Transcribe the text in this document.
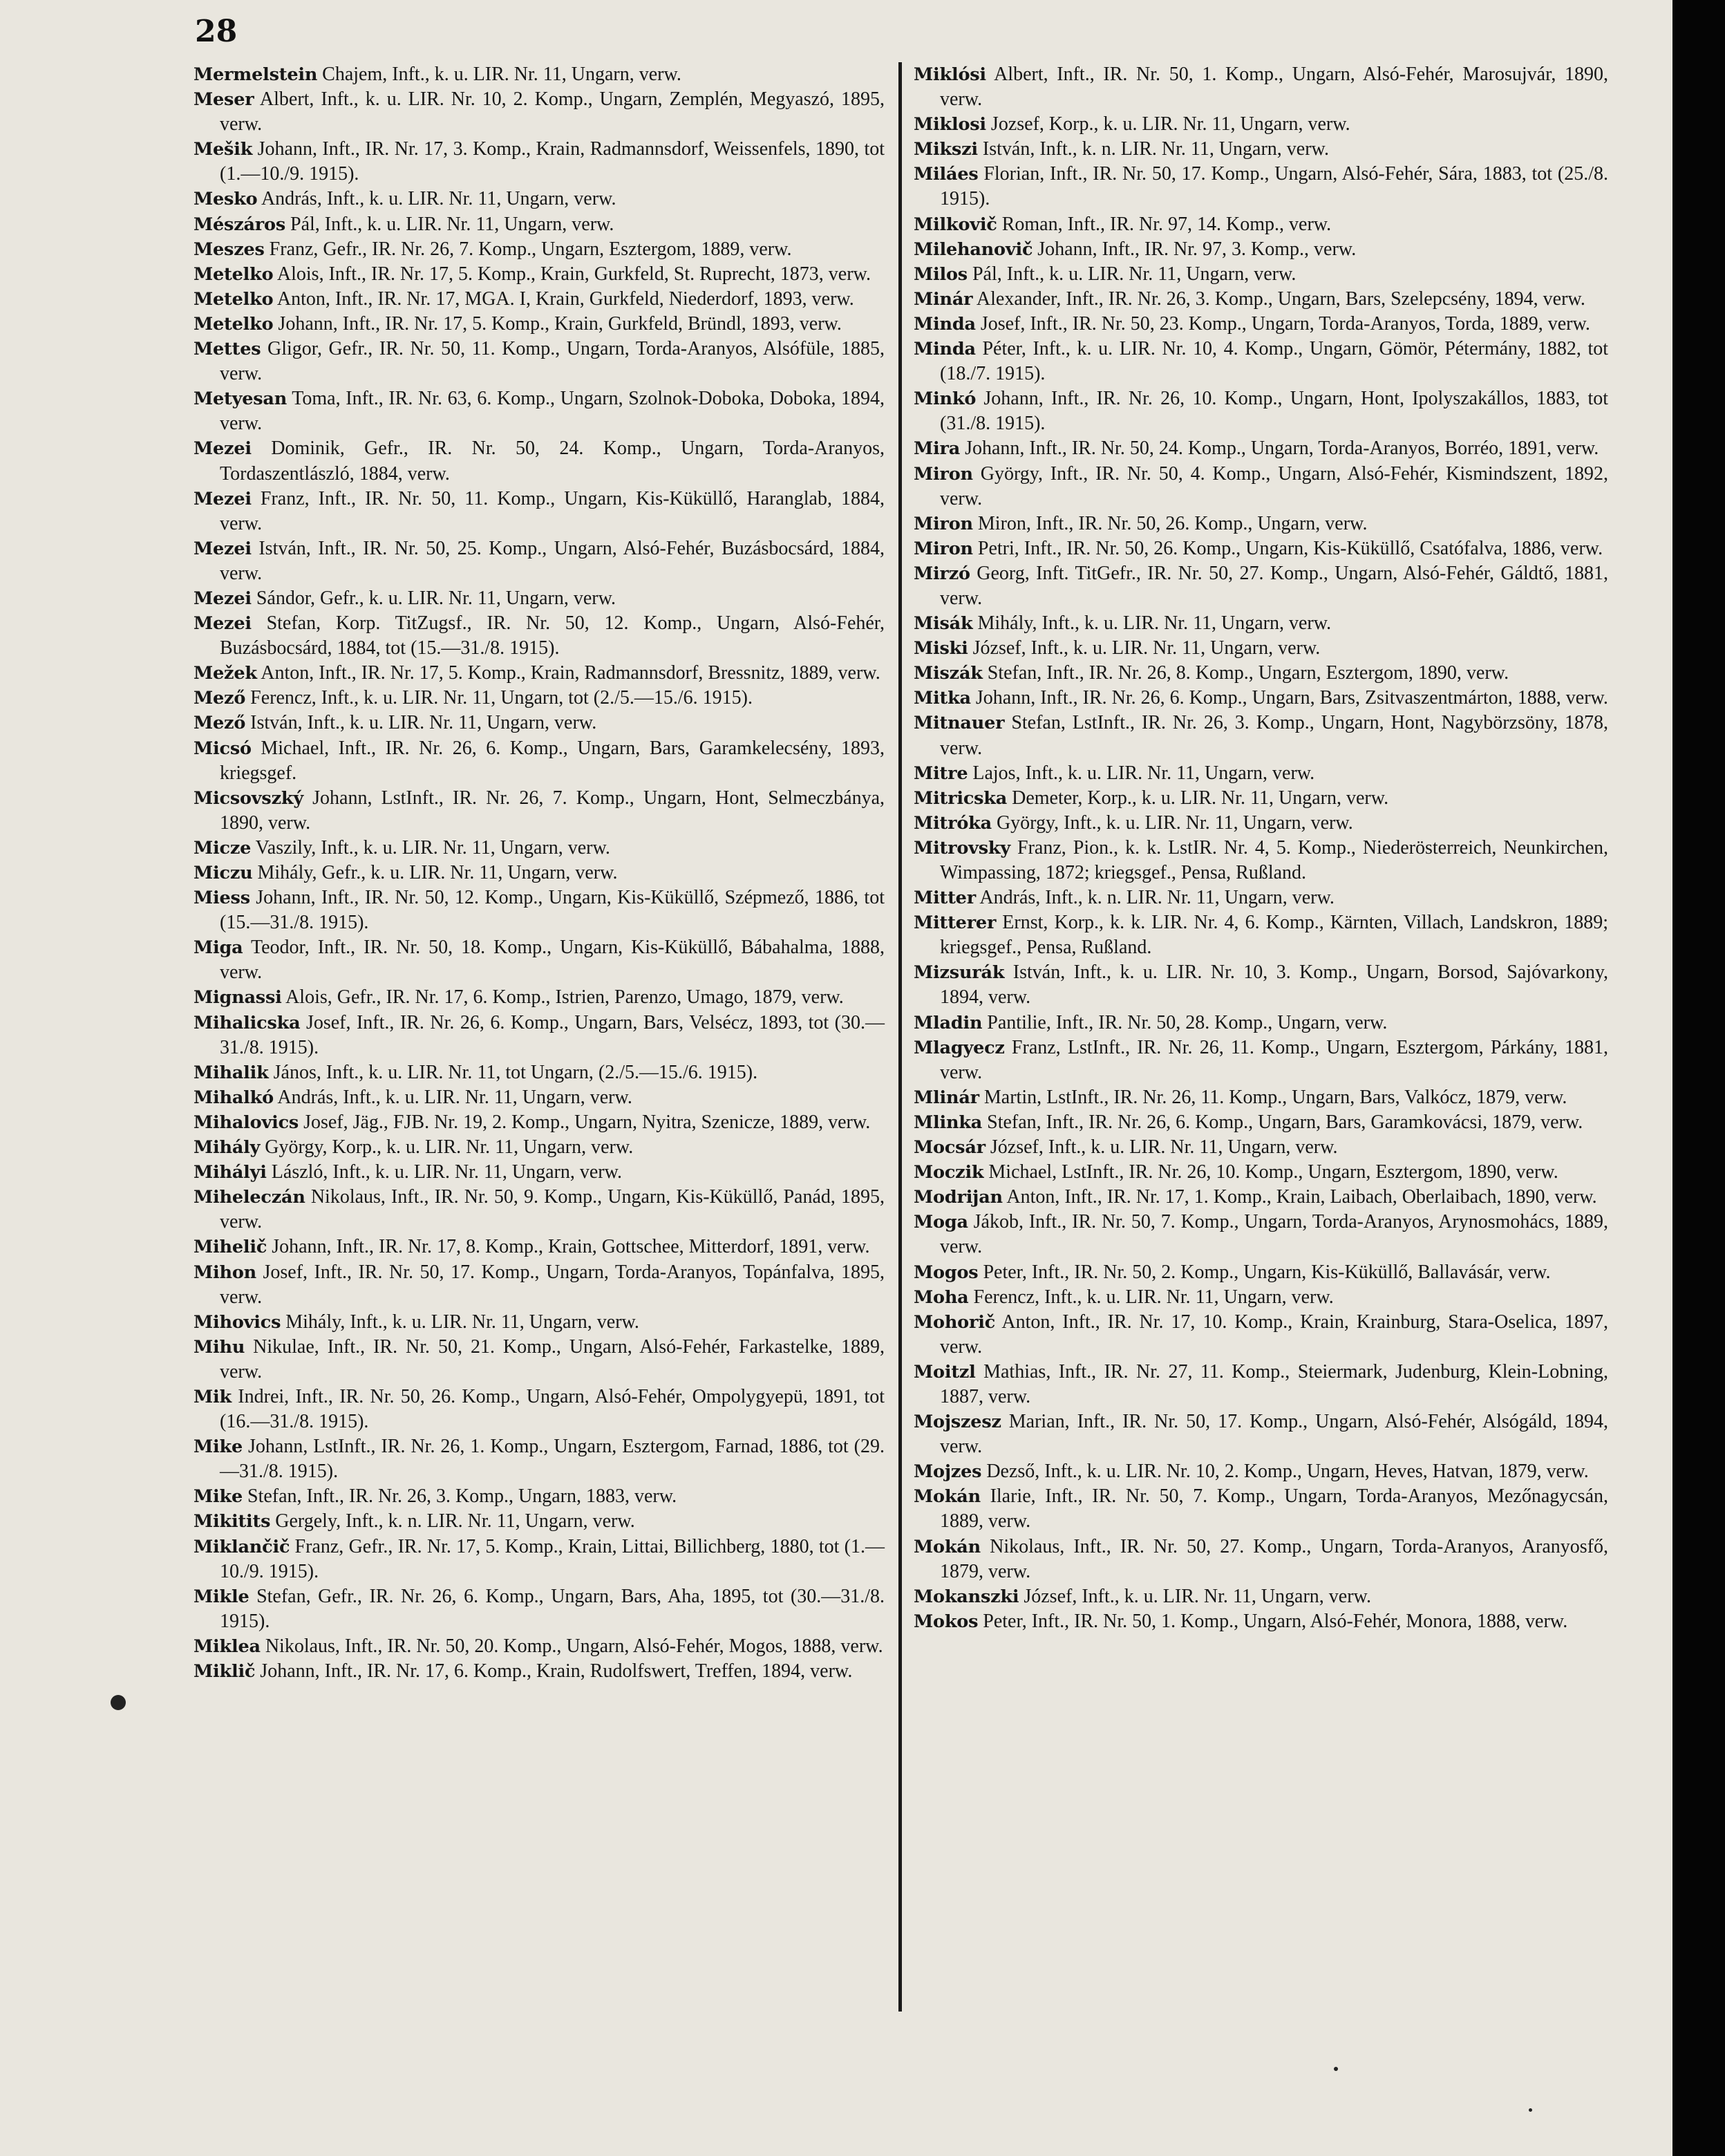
28
Mermelstein Chajem, Inft., k. u. LIR. Nr. 11, Ungarn, verw.
Meser Albert, Inft., k. u. LIR. Nr. 10, 2. Komp., Ungarn, Zemplén, Megyaszó, 1895, verw.
Mešik Johann, Inft., IR. Nr. 17, 3. Komp., Krain, Radmannsdorf, Weissenfels, 1890, tot (1.—10./9. 1915).
Mesko András, Inft., k. u. LIR. Nr. 11, Ungarn, verw.
Mészáros Pál, Inft., k. u. LIR. Nr. 11, Ungarn, verw.
Meszes Franz, Gefr., IR. Nr. 26, 7. Komp., Ungarn, Esztergom, 1889, verw.
Metelko Alois, Inft., IR. Nr. 17, 5. Komp., Krain, Gurkfeld, St. Ruprecht, 1873, verw.
Metelko Anton, Inft., IR. Nr. 17, MGA. I, Krain, Gurkfeld, Niederdorf, 1893, verw.
Metelko Johann, Inft., IR. Nr. 17, 5. Komp., Krain, Gurkfeld, Bründl, 1893, verw.
Mettes Gligor, Gefr., IR. Nr. 50, 11. Komp., Ungarn, Torda-Aranyos, Alsófüle, 1885, verw.
Metyesan Toma, Inft., IR. Nr. 63, 6. Komp., Ungarn, Szolnok-Doboka, Doboka, 1894, verw.
Mezei Dominik, Gefr., IR. Nr. 50, 24. Komp., Ungarn, Torda-Aranyos, Tordaszentlászló, 1884, verw.
Mezei Franz, Inft., IR. Nr. 50, 11. Komp., Ungarn, Kis-Küküllő, Haranglab, 1884, verw.
Mezei István, Inft., IR. Nr. 50, 25. Komp., Ungarn, Alsó-Fehér, Buzásbocsárd, 1884, verw.
Mezei Sándor, Gefr., k. u. LIR. Nr. 11, Ungarn, verw.
Mezei Stefan, Korp. TitZugsf., IR. Nr. 50, 12. Komp., Ungarn, Alsó-Fehér, Buzásbocsárd, 1884, tot (15.—31./8. 1915).
Mežek Anton, Inft., IR. Nr. 17, 5. Komp., Krain, Radmannsdorf, Bressnitz, 1889, verw.
Mező Ferencz, Inft., k. u. LIR. Nr. 11, Ungarn, tot (2./5.—15./6. 1915).
Mező István, Inft., k. u. LIR. Nr. 11, Ungarn, verw.
Micsó Michael, Inft., IR. Nr. 26, 6. Komp., Ungarn, Bars, Garamkelecsény, 1893, kriegsgef.
Micsovszký Johann, LstInft., IR. Nr. 26, 7. Komp., Ungarn, Hont, Selmeczbánya, 1890, verw.
Micze Vaszily, Inft., k. u. LIR. Nr. 11, Ungarn, verw.
Miczu Mihály, Gefr., k. u. LIR. Nr. 11, Ungarn, verw.
Miess Johann, Inft., IR. Nr. 50, 12. Komp., Ungarn, Kis-Küküllő, Szépmező, 1886, tot (15.—31./8. 1915).
Miga Teodor, Inft., IR. Nr. 50, 18. Komp., Ungarn, Kis-Küküllő, Bábahalma, 1888, verw.
Mignassi Alois, Gefr., IR. Nr. 17, 6. Komp., Istrien, Parenzo, Umago, 1879, verw.
Mihalicska Josef, Inft., IR. Nr. 26, 6. Komp., Ungarn, Bars, Velsécz, 1893, tot (30.—31./8. 1915).
Mihalik János, Inft., k. u. LIR. Nr. 11, tot Ungarn, (2./5.—15./6. 1915).
Mihalkó András, Inft., k. u. LIR. Nr. 11, Ungarn, verw.
Mihalovics Josef, Jäg., FJB. Nr. 19, 2. Komp., Ungarn, Nyitra, Szenicze, 1889, verw.
Mihály György, Korp., k. u. LIR. Nr. 11, Ungarn, verw.
Mihályi László, Inft., k. u. LIR. Nr. 11, Ungarn, verw.
Miheleczán Nikolaus, Inft., IR. Nr. 50, 9. Komp., Ungarn, Kis-Küküllő, Panád, 1895, verw.
Mihelič Johann, Inft., IR. Nr. 17, 8. Komp., Krain, Gottschee, Mitterdorf, 1891, verw.
Mihon Josef, Inft., IR. Nr. 50, 17. Komp., Ungarn, Torda-Aranyos, Topánfalva, 1895, verw.
Mihovics Mihály, Inft., k. u. LIR. Nr. 11, Ungarn, verw.
Mihu Nikulae, Inft., IR. Nr. 50, 21. Komp., Ungarn, Alsó-Fehér, Farkastelke, 1889, verw.
Mik Indrei, Inft., IR. Nr. 50, 26. Komp., Ungarn, Alsó-Fehér, Ompolygyepü, 1891, tot (16.—31./8. 1915).
Mike Johann, LstInft., IR. Nr. 26, 1. Komp., Ungarn, Esztergom, Farnad, 1886, tot (29.—31./8. 1915).
Mike Stefan, Inft., IR. Nr. 26, 3. Komp., Ungarn, 1883, verw.
Mikitits Gergely, Inft., k. n. LIR. Nr. 11, Ungarn, verw.
Miklančič Franz, Gefr., IR. Nr. 17, 5. Komp., Krain, Littai, Billichberg, 1880, tot (1.—10./9. 1915).
Mikle Stefan, Gefr., IR. Nr. 26, 6. Komp., Ungarn, Bars, Aha, 1895, tot (30.—31./8. 1915).
Miklea Nikolaus, Inft., IR. Nr. 50, 20. Komp., Ungarn, Alsó-Fehér, Mogos, 1888, verw.
Miklič Johann, Inft., IR. Nr. 17, 6. Komp., Krain, Rudolfswert, Treffen, 1894, verw.
Miklósi Albert, Inft., IR. Nr. 50, 1. Komp., Ungarn, Alsó-Fehér, Marosujvár, 1890, verw.
Miklosi Jozsef, Korp., k. u. LIR. Nr. 11, Ungarn, verw.
Mikszi István, Inft., k. n. LIR. Nr. 11, Ungarn, verw.
Miláes Florian, Inft., IR. Nr. 50, 17. Komp., Ungarn, Alsó-Fehér, Sára, 1883, tot (25./8. 1915).
Milkovič Roman, Inft., IR. Nr. 97, 14. Komp., verw.
Milehanovič Johann, Inft., IR. Nr. 97, 3. Komp., verw.
Milos Pál, Inft., k. u. LIR. Nr. 11, Ungarn, verw.
Minár Alexander, Inft., IR. Nr. 26, 3. Komp., Ungarn, Bars, Szelepcsény, 1894, verw.
Minda Josef, Inft., IR. Nr. 50, 23. Komp., Ungarn, Torda-Aranyos, Torda, 1889, verw.
Minda Péter, Inft., k. u. LIR. Nr. 10, 4. Komp., Ungarn, Gömör, Pétermány, 1882, tot (18./7. 1915).
Minkó Johann, Inft., IR. Nr. 26, 10. Komp., Ungarn, Hont, Ipolyszakállos, 1883, tot (31./8. 1915).
Mira Johann, Inft., IR. Nr. 50, 24. Komp., Ungarn, Torda-Aranyos, Borréo, 1891, verw.
Miron György, Inft., IR. Nr. 50, 4. Komp., Ungarn, Alsó-Fehér, Kismindszent, 1892, verw.
Miron Miron, Inft., IR. Nr. 50, 26. Komp., Ungarn, verw.
Miron Petri, Inft., IR. Nr. 50, 26. Komp., Ungarn, Kis-Küküllő, Csatófalva, 1886, verw.
Mirzó Georg, Inft. TitGefr., IR. Nr. 50, 27. Komp., Ungarn, Alsó-Fehér, Gáldtő, 1881, verw.
Misák Mihály, Inft., k. u. LIR. Nr. 11, Ungarn, verw.
Miski József, Inft., k. u. LIR. Nr. 11, Ungarn, verw.
Miszák Stefan, Inft., IR. Nr. 26, 8. Komp., Ungarn, Esztergom, 1890, verw.
Mitka Johann, Inft., IR. Nr. 26, 6. Komp., Ungarn, Bars, Zsitvaszentmárton, 1888, verw.
Mitnauer Stefan, LstInft., IR. Nr. 26, 3. Komp., Ungarn, Hont, Nagybörzsöny, 1878, verw.
Mitre Lajos, Inft., k. u. LIR. Nr. 11, Ungarn, verw.
Mitricska Demeter, Korp., k. u. LIR. Nr. 11, Ungarn, verw.
Mitróka György, Inft., k. u. LIR. Nr. 11, Ungarn, verw.
Mitrovsky Franz, Pion., k. k. LstIR. Nr. 4, 5. Komp., Niederösterreich, Neunkirchen, Wimpassing, 1872; kriegsgef., Pensa, Rußland.
Mitter András, Inft., k. n. LIR. Nr. 11, Ungarn, verw.
Mitterer Ernst, Korp., k. k. LIR. Nr. 4, 6. Komp., Kärnten, Villach, Landskron, 1889; kriegsgef., Pensa, Rußland.
Mizsurák István, Inft., k. u. LIR. Nr. 10, 3. Komp., Ungarn, Borsod, Sajóvarkony, 1894, verw.
Mladin Pantilie, Inft., IR. Nr. 50, 28. Komp., Ungarn, verw.
Mlagyecz Franz, LstInft., IR. Nr. 26, 11. Komp., Ungarn, Esztergom, Párkány, 1881, verw.
Mlinár Martin, LstInft., IR. Nr. 26, 11. Komp., Ungarn, Bars, Valkócz, 1879, verw.
Mlinka Stefan, Inft., IR. Nr. 26, 6. Komp., Ungarn, Bars, Garamkovácsi, 1879, verw.
Mocsár József, Inft., k. u. LIR. Nr. 11, Ungarn, verw.
Moczik Michael, LstInft., IR. Nr. 26, 10. Komp., Ungarn, Esztergom, 1890, verw.
Modrijan Anton, Inft., IR. Nr. 17, 1. Komp., Krain, Laibach, Oberlaibach, 1890, verw.
Moga Jákob, Inft., IR. Nr. 50, 7. Komp., Ungarn, Torda-Aranyos, Arynosmohács, 1889, verw.
Mogos Peter, Inft., IR. Nr. 50, 2. Komp., Ungarn, Kis-Küküllő, Ballavásár, verw.
Moha Ferencz, Inft., k. u. LIR. Nr. 11, Ungarn, verw.
Mohorič Anton, Inft., IR. Nr. 17, 10. Komp., Krain, Krainburg, Stara-Oselica, 1897, verw.
Moitzl Mathias, Inft., IR. Nr. 27, 11. Komp., Steiermark, Judenburg, Klein-Lobning, 1887, verw.
Mojszesz Marian, Inft., IR. Nr. 50, 17. Komp., Ungarn, Alsó-Fehér, Alsógáld, 1894, verw.
Mojzes Dezső, Inft., k. u. LIR. Nr. 10, 2. Komp., Ungarn, Heves, Hatvan, 1879, verw.
Mokán Ilarie, Inft., IR. Nr. 50, 7. Komp., Ungarn, Torda-Aranyos, Mezőnagycsán, 1889, verw.
Mokán Nikolaus, Inft., IR. Nr. 50, 27. Komp., Ungarn, Torda-Aranyos, Aranyosfő, 1879, verw.
Mokanszki József, Inft., k. u. LIR. Nr. 11, Ungarn, verw.
Mokos Peter, Inft., IR. Nr. 50, 1. Komp., Ungarn, Alsó-Fehér, Monora, 1888, verw.
